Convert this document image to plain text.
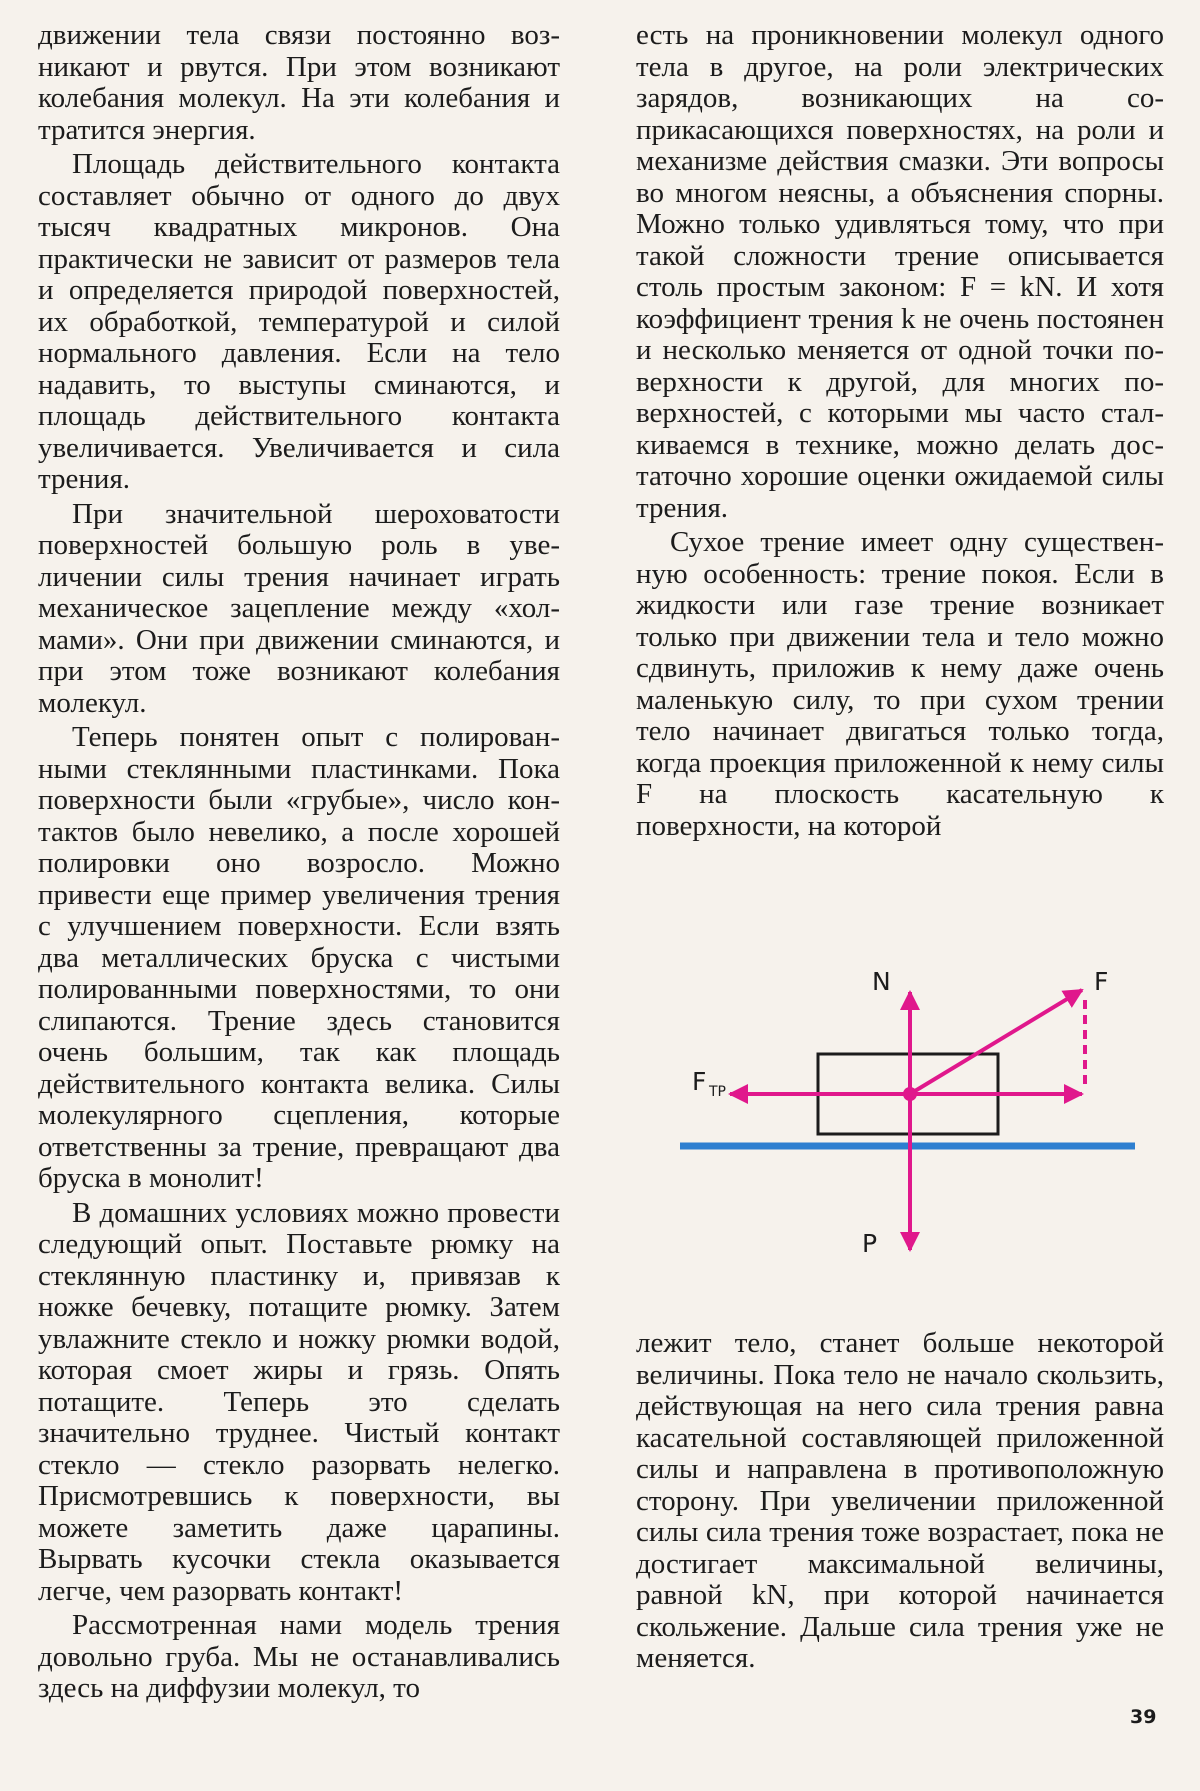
движении тела связи постоянно возникают и рвутся. При этом возникают колебания молекул. На эти колебания и тратится энергия.

Площадь действительного контакта составляет обычно от одного до двух тысяч квадратных микронов. Она практически не зависит от размеров тела и определяется природой поверхностей, их обработкой, температурой и силой нормального давления. Если на тело надавить, то выступы сминаются, и площадь действительного контакта увеличивается. Увеличивается и сила трения.

При значительной шероховатости поверхностей большую роль в увеличении силы трения начинает играть механическое зацепление между «холмами». Они при движении сминаются, и при этом тоже возникают колебания молекул.

Теперь понятен опыт с полированными стеклянными пластинками. Пока поверхности были «грубые», число контактов было невелико, а после хорошей полировки оно возросло. Можно привести еще пример увеличения трения с улучшением поверхности. Если взять два металлических бруска с чистыми полированными поверхностями, то они слипаются. Трение здесь становится очень большим, так как площадь действительного контакта велика. Силы молекулярного сцепления, которые ответственны за трение, превращают два бруска в монолит!

В домашних условиях можно провести следующий опыт. Поставьте рюмку на стеклянную пластинку и, привязав к ножке бечевку, потащите рюмку. Затем увлажните стекло и ножку рюмки водой, которая смоет жиры и грязь. Опять потащите. Теперь это сделать значительно труднее. Чистый контакт стекло — стекло разорвать нелегко. Присмотревшись к поверхности, вы можете заметить даже царапины. Вырвать кусочки стекла оказывается легче, чем разорвать контакт!

Рассмотренная нами модель трения довольно груба. Мы не останавливались здесь на диффузии молекул, то

есть на проникновении молекул одного тела в другое, на роли электрических зарядов, возникающих на соприкасающихся поверхностях, на роли и механизме действия смазки. Эти вопросы во многом неясны, а объяснения спорны. Можно только удивляться тому, что при такой сложности трение описывается столь простым законом: F = kN. И хотя коэффициент трения k не очень постоянен и несколько меняется от одной точки поверхности к другой, для многих поверхностей, с которыми мы часто сталкиваемся в технике, можно делать достаточно хорошие оценки ожидаемой силы трения.

Сухое трение имеет одну существенную особенность: трение покоя. Если в жидкости или газе трение возникает только при движении тела и тело можно сдвинуть, приложив к нему даже очень маленькую силу, то при сухом трении тело начинает двигаться только тогда, когда проекция приложенной к нему силы F на плоскость касательную к поверхности, на которой

N	F
F ТР
P

лежит тело, станет больше некоторой величины. Пока тело не начало скользить, действующая на него сила трения равна касательной составляющей приложенной силы и направлена в противоположную сторону. При увеличении приложенной силы сила трения тоже возрастает, пока не достигает максимальной величины, равной kN, при которой начинается скольжение. Дальше сила трения уже не меняется.

39
